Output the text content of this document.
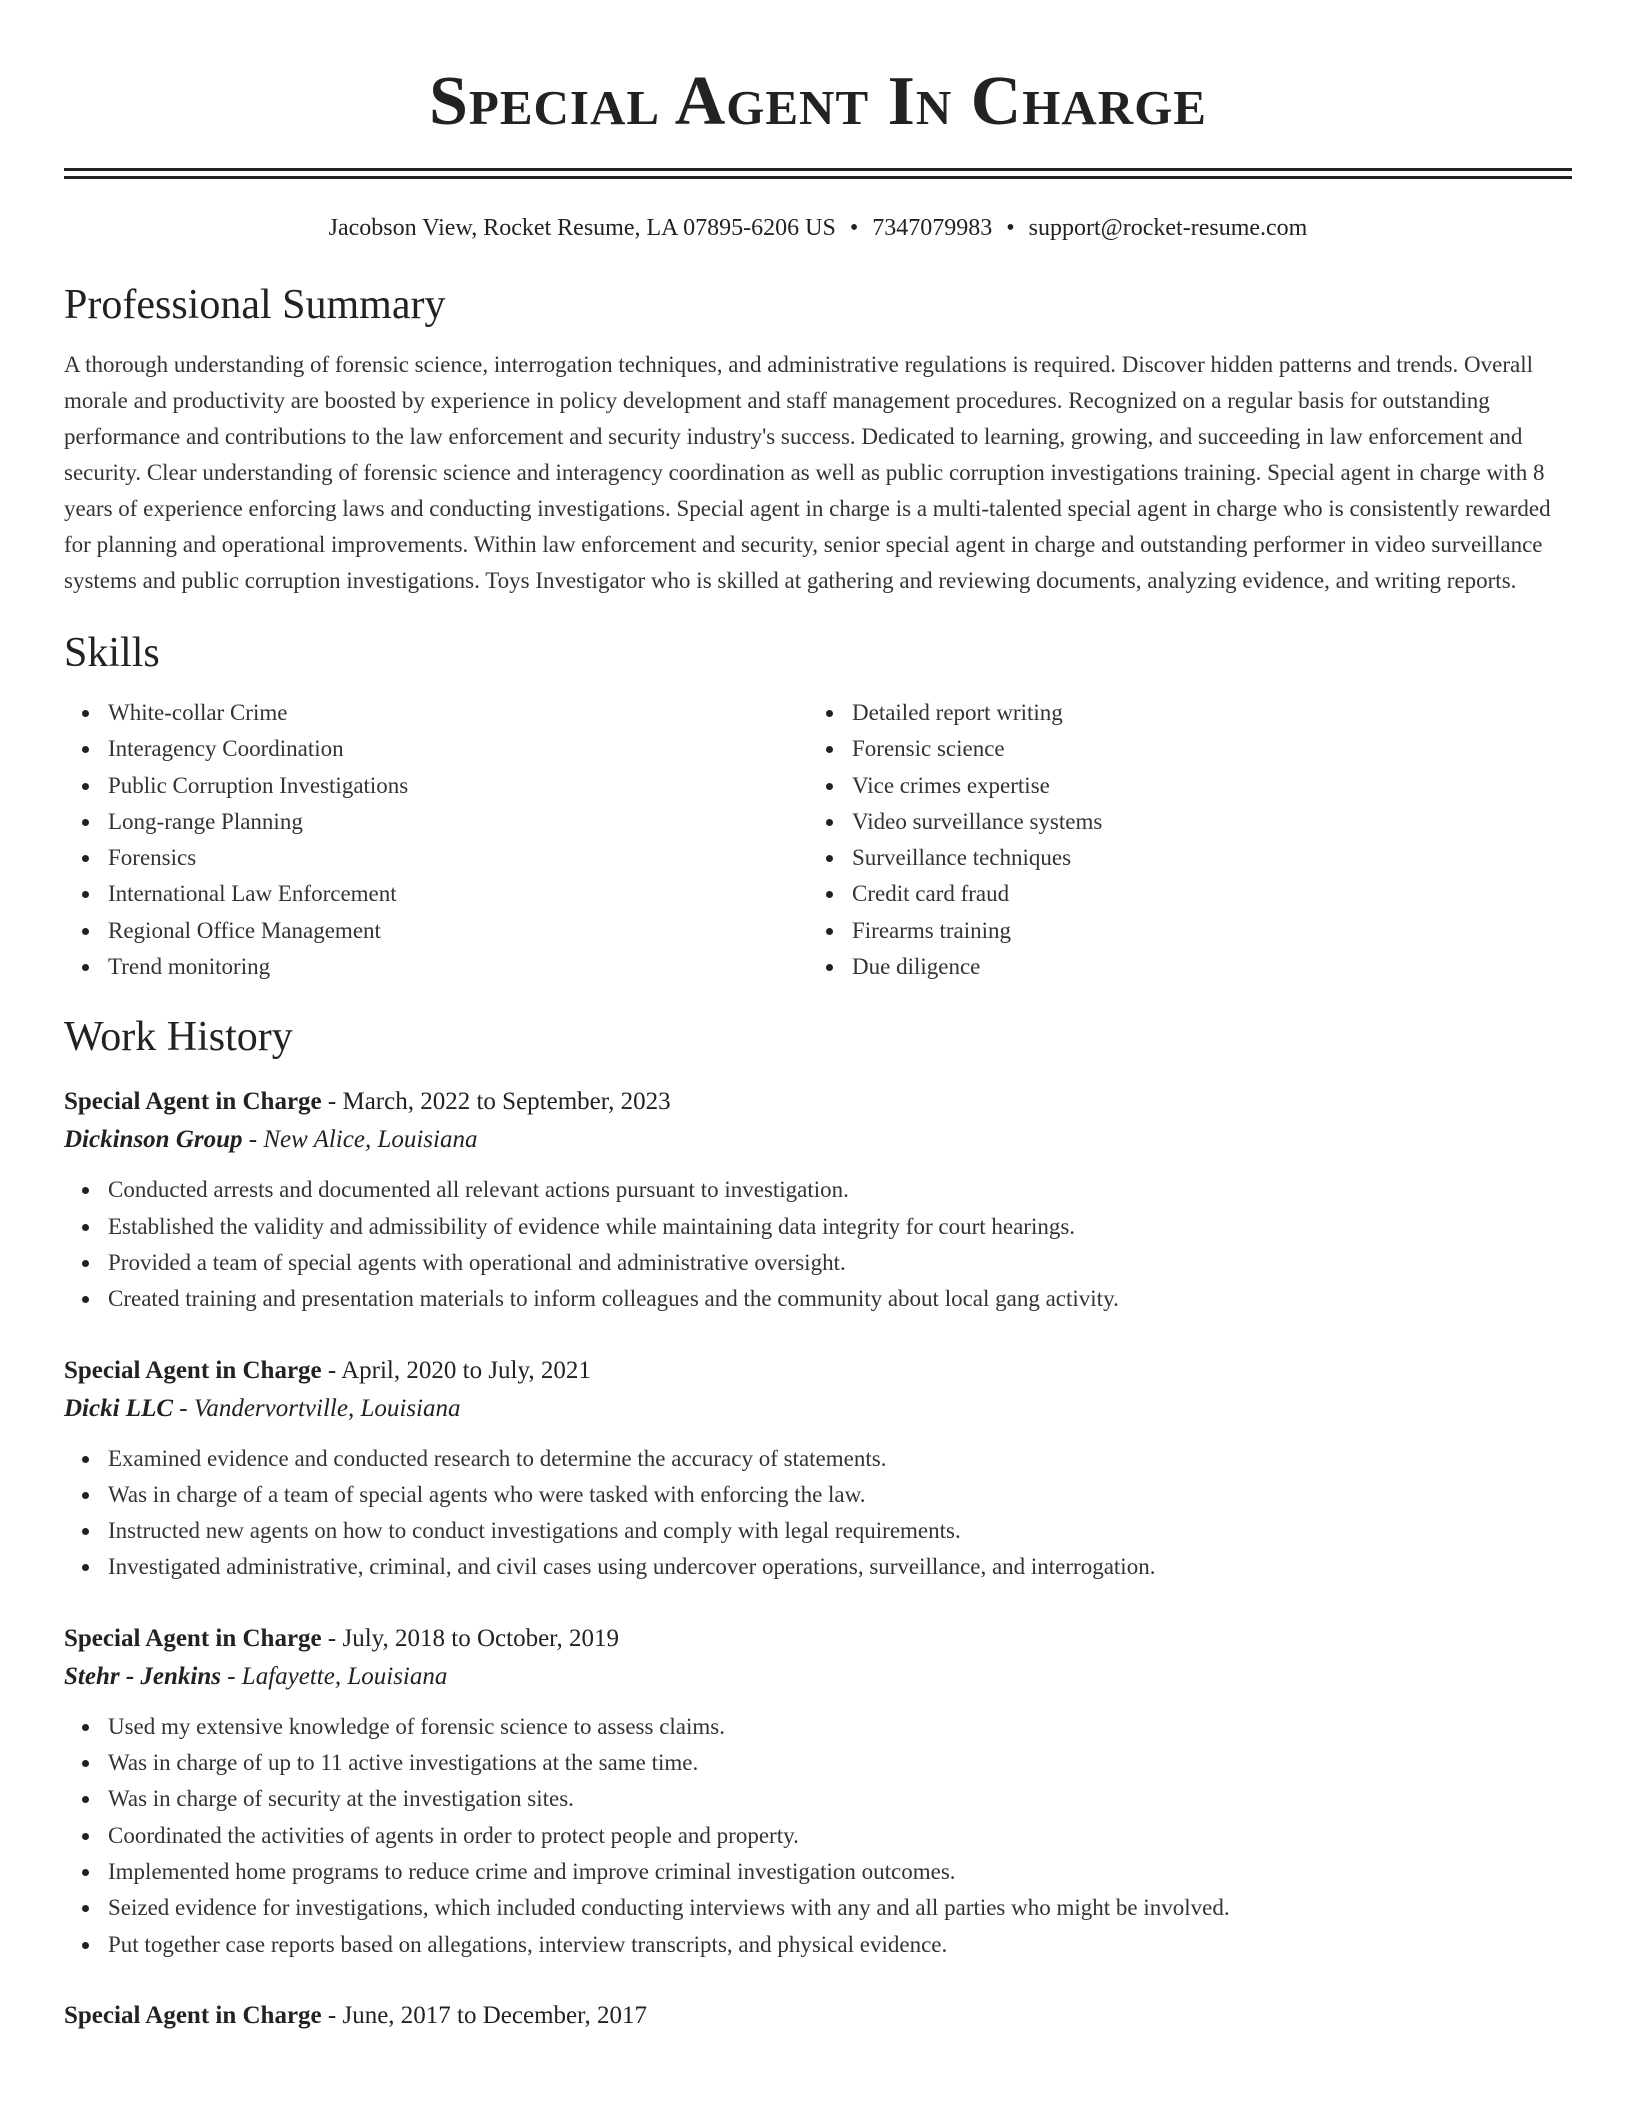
Special Agent In Charge
Jacobson View, Rocket Resume, LA 07895-6206 US • 7347079983 • support@rocket-resume.com
Professional Summary

A thorough understanding of forensic science, interrogation techniques, and administrative regulations is required. Discover hidden patterns and trends. Overall morale and productivity are boosted by experience in policy development and staff management procedures. Recognized on a regular basis for outstanding performance and contributions to the law enforcement and security industry's success. Dedicated to learning, growing, and succeeding in law enforcement and security. Clear understanding of forensic science and interagency coordination as well as public corruption investigations training. Special agent in charge with 8 years of experience enforcing laws and conducting investigations. Special agent in charge is a multi-talented special agent in charge who is consistently rewarded for planning and operational improvements. Within law enforcement and security, senior special agent in charge and outstanding performer in video surveillance systems and public corruption investigations. Toys Investigator who is skilled at gathering and reviewing documents, analyzing evidence, and writing reports.

Skills
White-collar Crime
Interagency Coordination
Public Corruption Investigations
Long-range Planning
Forensics
International Law Enforcement
Regional Office Management
Trend monitoring
Detailed report writing
Forensic science
Vice crimes expertise
Video surveillance systems
Surveillance techniques
Credit card fraud
Firearms training
Due diligence
Work History
Special Agent in Charge - March, 2022 to September, 2023
Dickinson Group - New Alice, Louisiana
Conducted arrests and documented all relevant actions pursuant to investigation.
Established the validity and admissibility of evidence while maintaining data integrity for court hearings.
Provided a team of special agents with operational and administrative oversight.
Created training and presentation materials to inform colleagues and the community about local gang activity.
Special Agent in Charge - April, 2020 to July, 2021
Dicki LLC - Vandervortville, Louisiana
Examined evidence and conducted research to determine the accuracy of statements.
Was in charge of a team of special agents who were tasked with enforcing the law.
Instructed new agents on how to conduct investigations and comply with legal requirements.
Investigated administrative, criminal, and civil cases using undercover operations, surveillance, and interrogation.
Special Agent in Charge - July, 2018 to October, 2019
Stehr - Jenkins - Lafayette, Louisiana
Used my extensive knowledge of forensic science to assess claims.
Was in charge of up to 11 active investigations at the same time.
Was in charge of security at the investigation sites.
Coordinated the activities of agents in order to protect people and property.
Implemented home programs to reduce crime and improve criminal investigation outcomes.
Seized evidence for investigations, which included conducting interviews with any and all parties who might be involved.
Put together case reports based on allegations, interview transcripts, and physical evidence.
Special Agent in Charge - June, 2017 to December, 2017
